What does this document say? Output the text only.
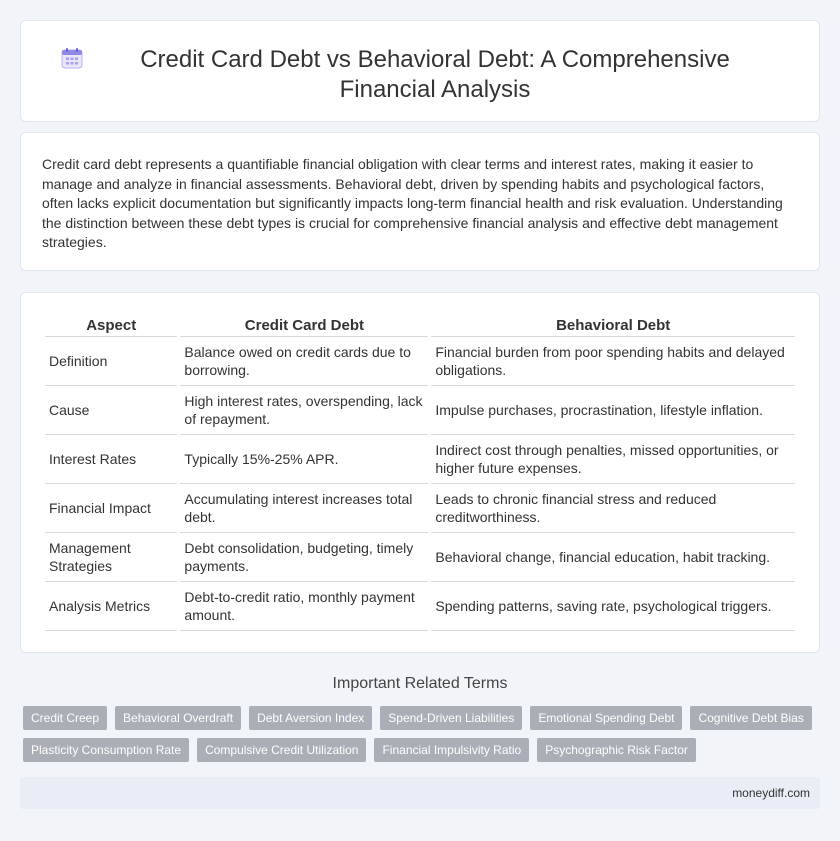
Credit Card Debt vs Behavioral Debt: A Comprehensive Financial Analysis

Credit card debt represents a quantifiable financial obligation with clear terms and interest rates, making it easier to manage and analyze in financial assessments. Behavioral debt, driven by spending habits and psychological factors, often lacks explicit documentation but significantly impacts long-term financial health and risk evaluation. Understanding the distinction between these debt types is crucial for comprehensive financial analysis and effective debt management strategies.

Aspect	Credit Card Debt	Behavioral Debt
Definition	Balance owed on credit cards due to borrowing.	Financial burden from poor spending habits and delayed obligations.
Cause	High interest rates, overspending, lack of repayment.	Impulse purchases, procrastination, lifestyle inflation.
Interest Rates	Typically 15%-25% APR.	Indirect cost through penalties, missed opportunities, or higher future expenses.
Financial Impact	Accumulating interest increases total debt.	Leads to chronic financial stress and reduced creditworthiness.
Management Strategies	Debt consolidation, budgeting, timely payments.	Behavioral change, financial education, habit tracking.
Analysis Metrics	Debt-to-credit ratio, monthly payment amount.	Spending patterns, saving rate, psychological triggers.
Important Related Terms
Credit Creep	Behavioral Overdraft	Debt Aversion Index	Spend-Driven Liabilities	Emotional Spending Debt	Cognitive Debt Bias
Plasticity Consumption Rate	Compulsive Credit Utilization	Financial Impulsivity Ratio	Psychographic Risk Factor
moneydiff.com
